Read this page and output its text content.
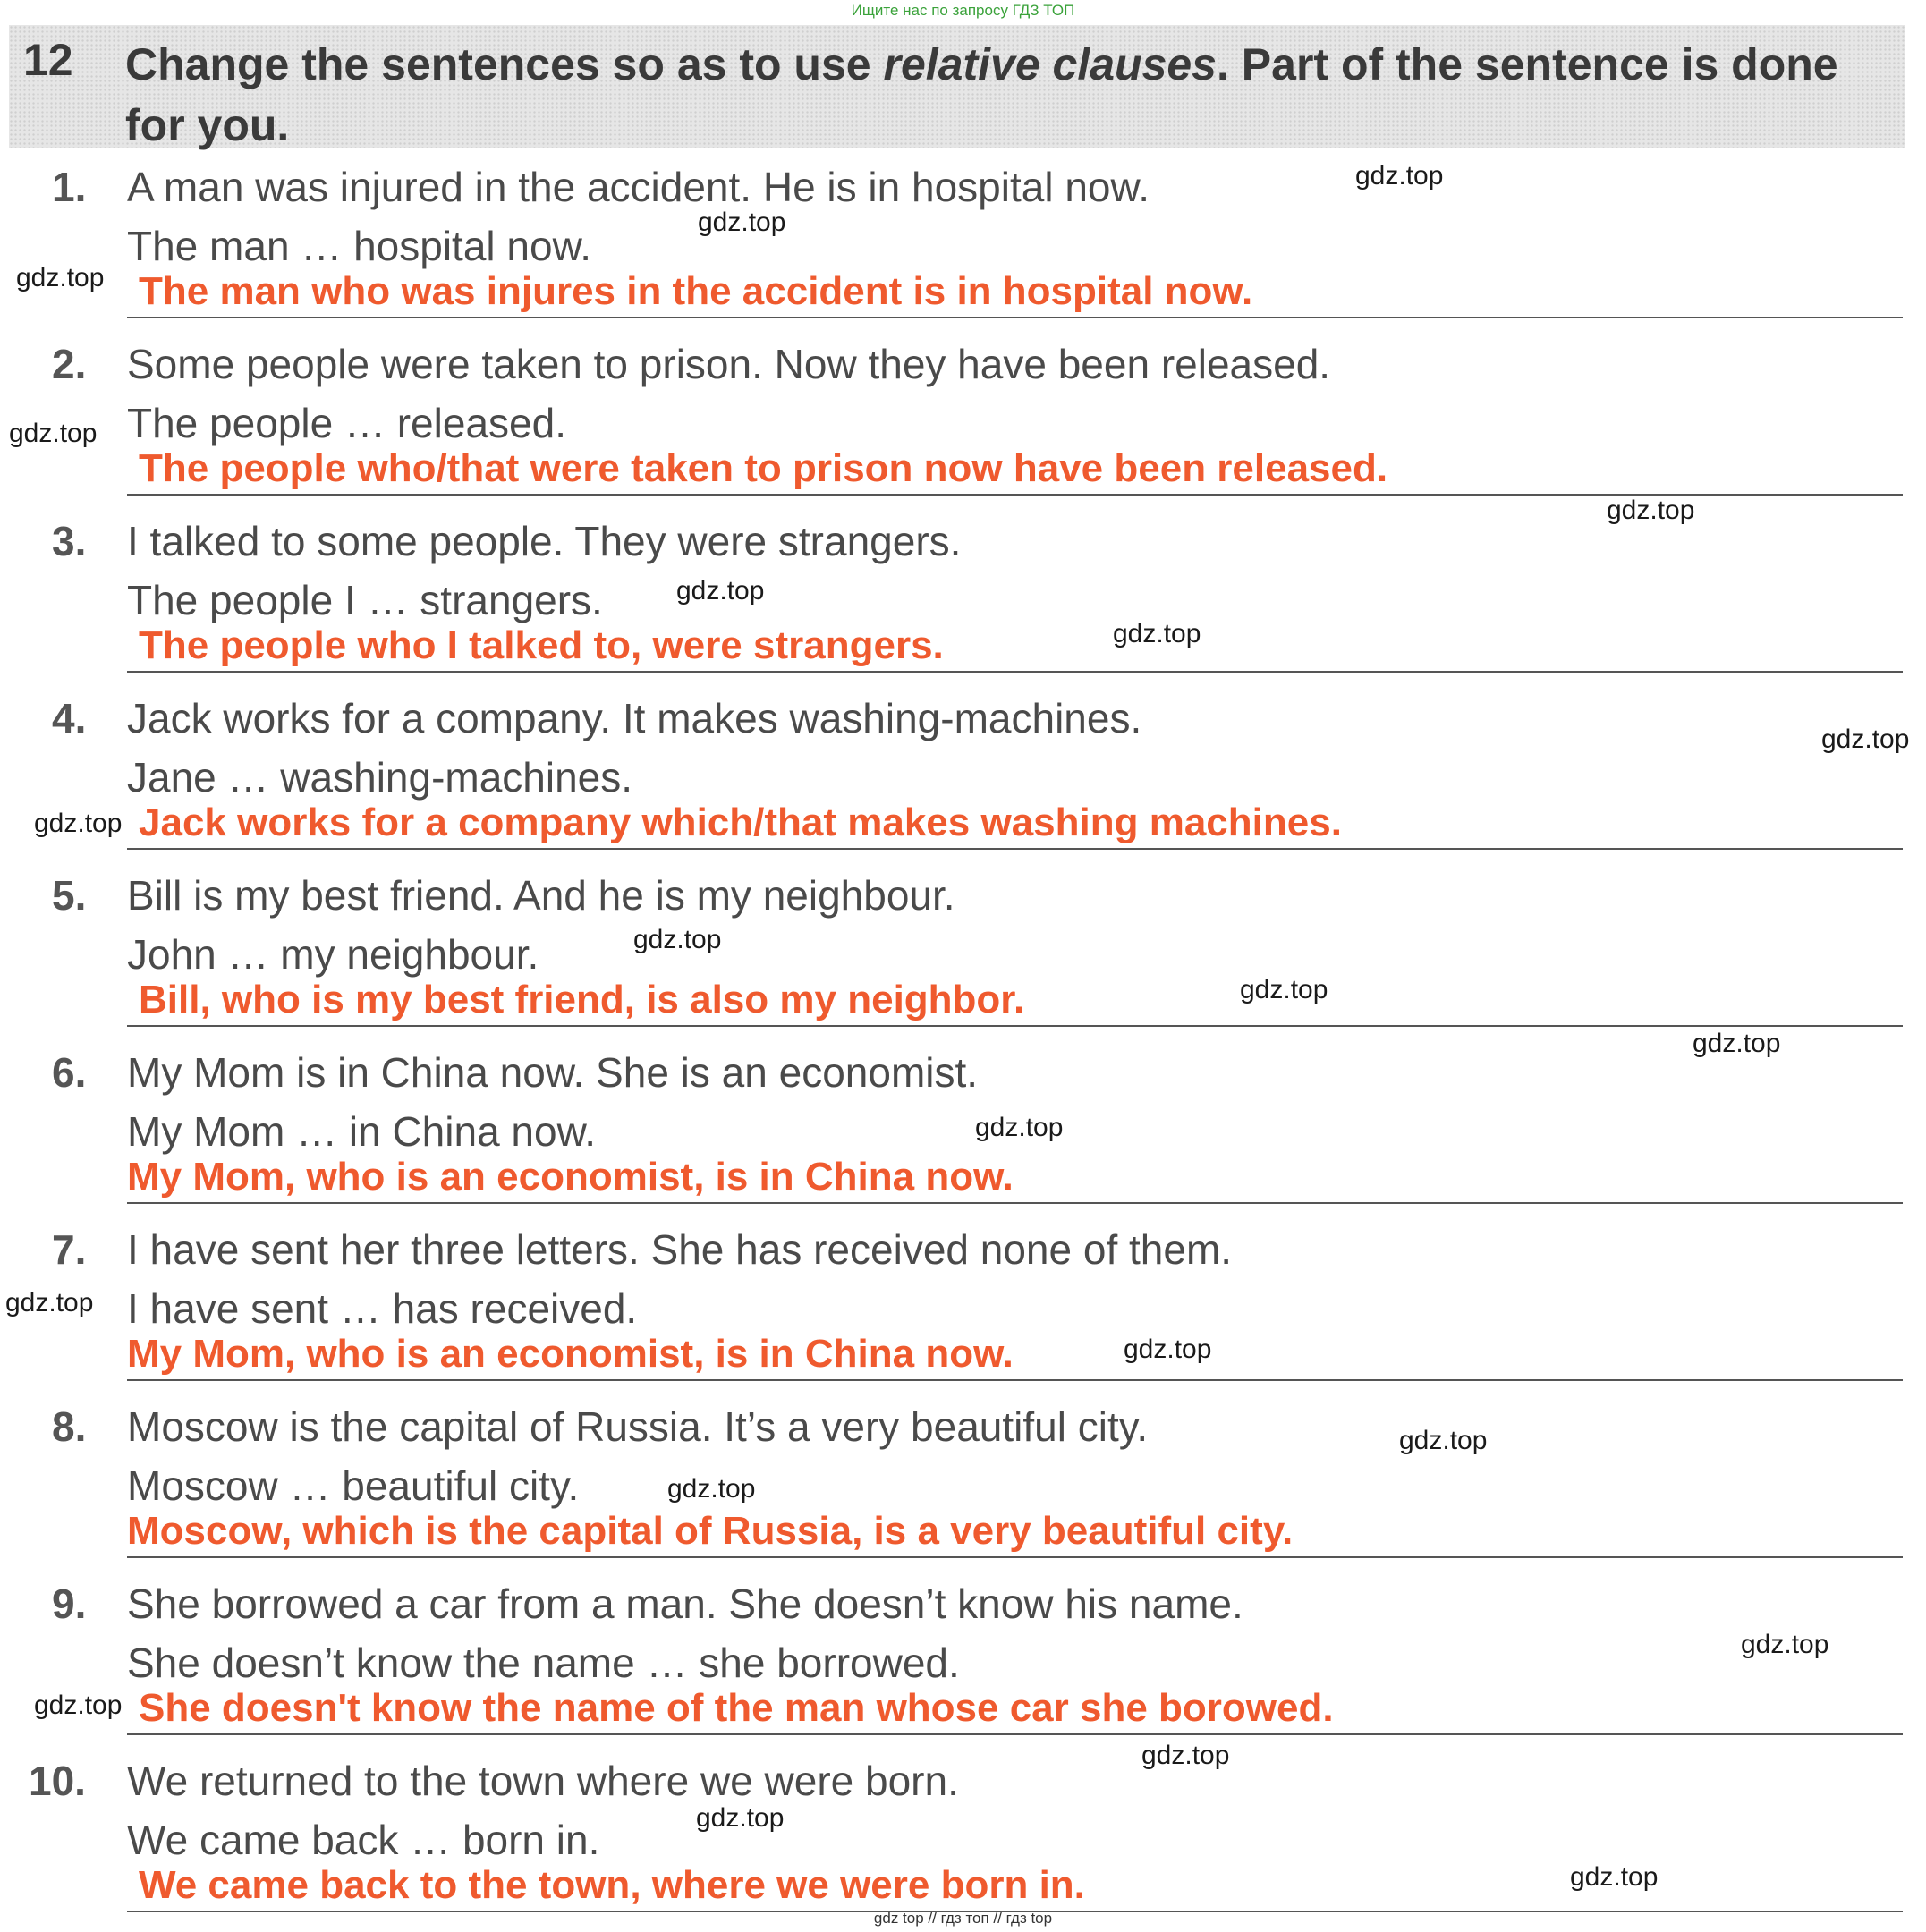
Ищите нас по запросу ГДЗ ТОП
12 Change the sentences so as to use relative clauses. Part of the sentence is done for you.
1. A man was injured in the accident. He is in hospital now.
The man … hospital now.
The man who was injures in the accident is in hospital now.
2. Some people were taken to prison. Now they have been released.
The people … released.
The people who/that were taken to prison now have been released.
3. I talked to some people. They were strangers.
The people I … strangers.
The people who I talked to, were strangers.
4. Jack works for a company. It makes washing-machines.
Jane … washing-machines.
Jack works for a company which/that makes washing machines.
5. Bill is my best friend. And he is my neighbour.
John … my neighbour.
Bill, who is my best friend, is also my neighbor.
6. My Mom is in China now. She is an economist.
My Mom … in China now.
My Mom, who is an economist, is in China now.
7. I have sent her three letters. She has received none of them.
I have sent … has received.
My Mom, who is an economist, is in China now.
8. Moscow is the capital of Russia. It’s a very beautiful city.
Moscow … beautiful city.
Moscow, which is the capital of Russia, is a very beautiful city.
9. She borrowed a car from a man. She doesn’t know his name.
She doesn’t know the name … she borrowed.
She doesn't know the name of the man whose car she borowed.
10. We returned to the town where we were born.
We came back … born in.
We came back to the town, where we were born in.
gdz.top
gdz.top
gdz.top
gdz.top
gdz.top
gdz.top
gdz.top
gdz.top
gdz.top
gdz.top
gdz.top
gdz.top
gdz.top
gdz.top
gdz.top
gdz.top
gdz.top
gdz.top
gdz.top
gdz.top
gdz.top
gdz.top
gdz top // гдз топ // гдз top
